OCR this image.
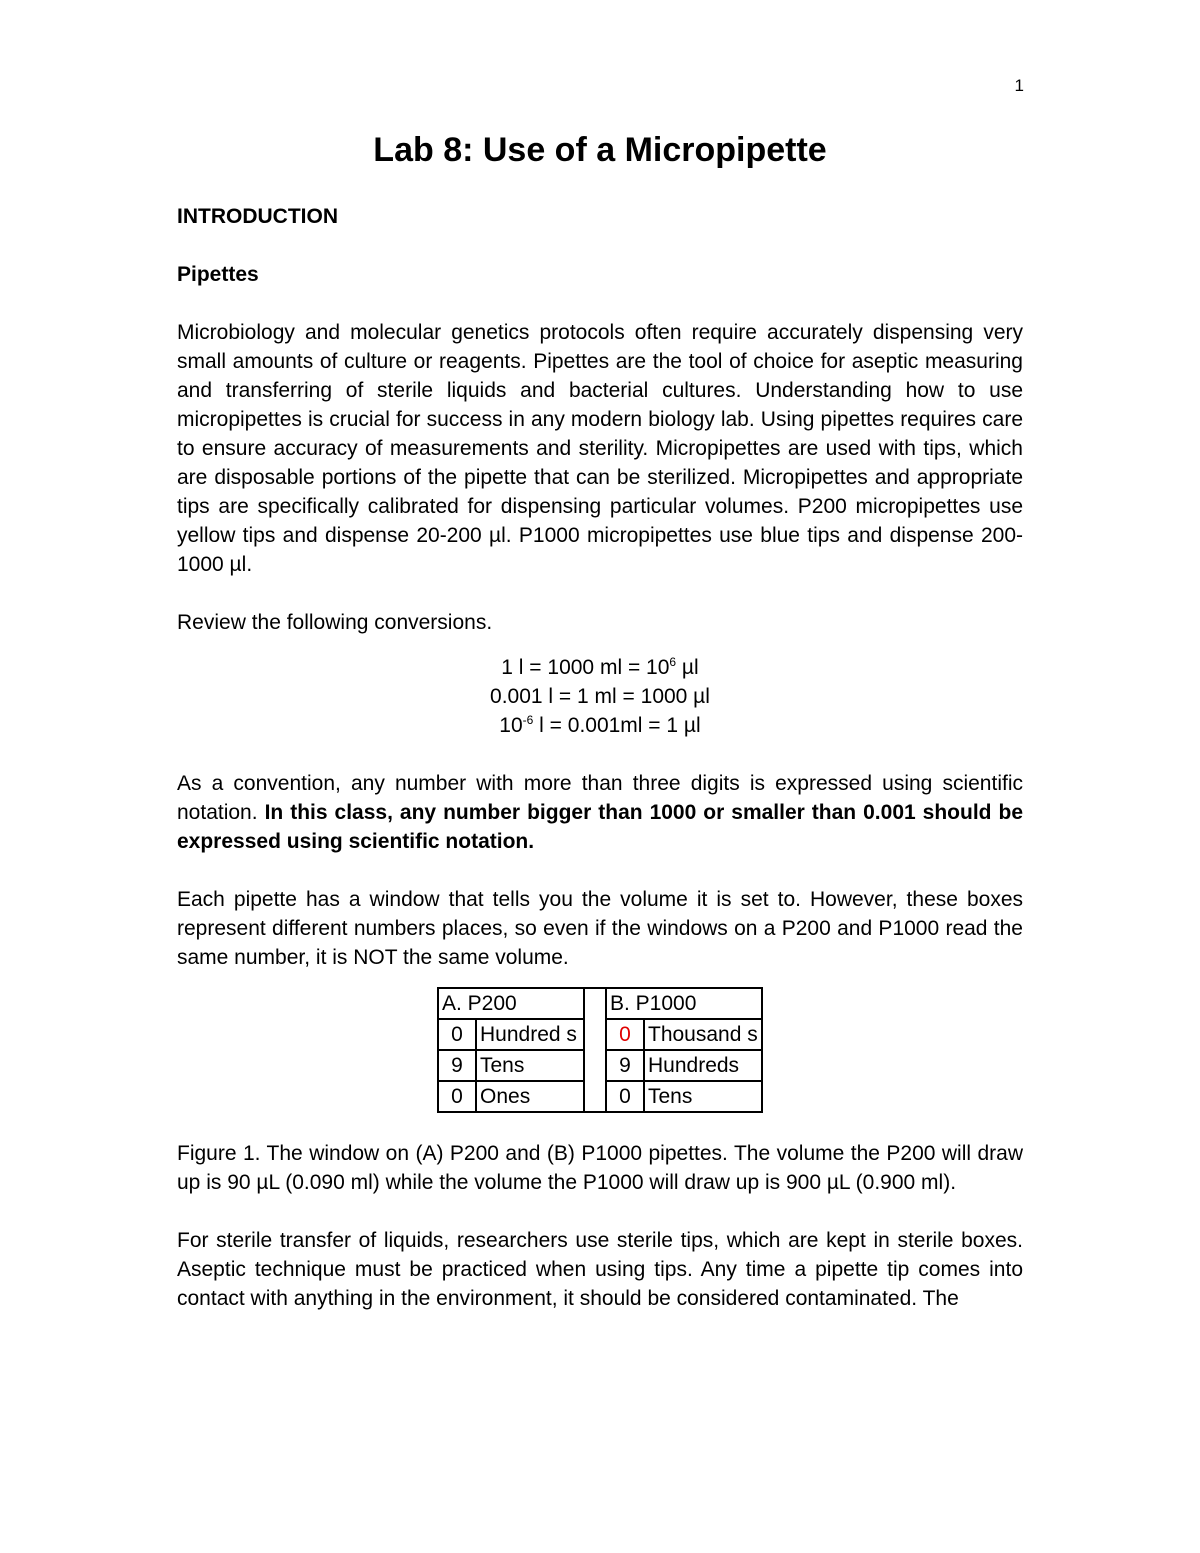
1
Lab 8: Use of a Micropipette
INTRODUCTION
Pipettes

Microbiology and molecular genetics protocols often require accurately dispensing very small amounts of culture or reagents. Pipettes are the tool of choice for aseptic measuring and transferring of sterile liquids and bacterial cultures. Understanding how to use micropipettes is crucial for success in any modern biology lab. Using pipettes requires care to ensure accuracy of measurements and sterility. Micropipettes are used with tips, which are disposable portions of the pipette that can be sterilized. Micropipettes and appropriate tips are specifically calibrated for dispensing particular volumes. P200 micropipettes use yellow tips and dispense 20-200 µl. P1000 micropipettes use blue tips and dispense 200-1000 µl.

Review the following conversions.

1 l = 1000 ml = $10^6$ µl
0.001 l = 1 ml = 1000 µl
$10^{-6}$ l = 0.001ml = 1 µl

As a convention, any number with more than three digits is expressed using scientific notation. In this class, any number bigger than 1000 or smaller than 0.001 should be expressed using scientific notation.

Each pipette has a window that tells you the volume it is set to. However, these boxes represent different numbers places, so even if the windows on a P200 and P1000 read the same number, it is NOT the same volume.

A. P200			B. P1000	
0	Hundred s		0	Thousand s
9	Tens		9	Hundreds
0	Ones		0	Tens

Figure 1. The window on (A) P200 and (B) P1000 pipettes. The volume the P200 will draw up is 90 µL (0.090 ml) while the volume the P1000 will draw up is 900 µL (0.900 ml).

For sterile transfer of liquids, researchers use sterile tips, which are kept in sterile boxes. Aseptic technique must be practiced when using tips. Any time a pipette tip comes into contact with anything in the environment, it should be considered contaminated. The
